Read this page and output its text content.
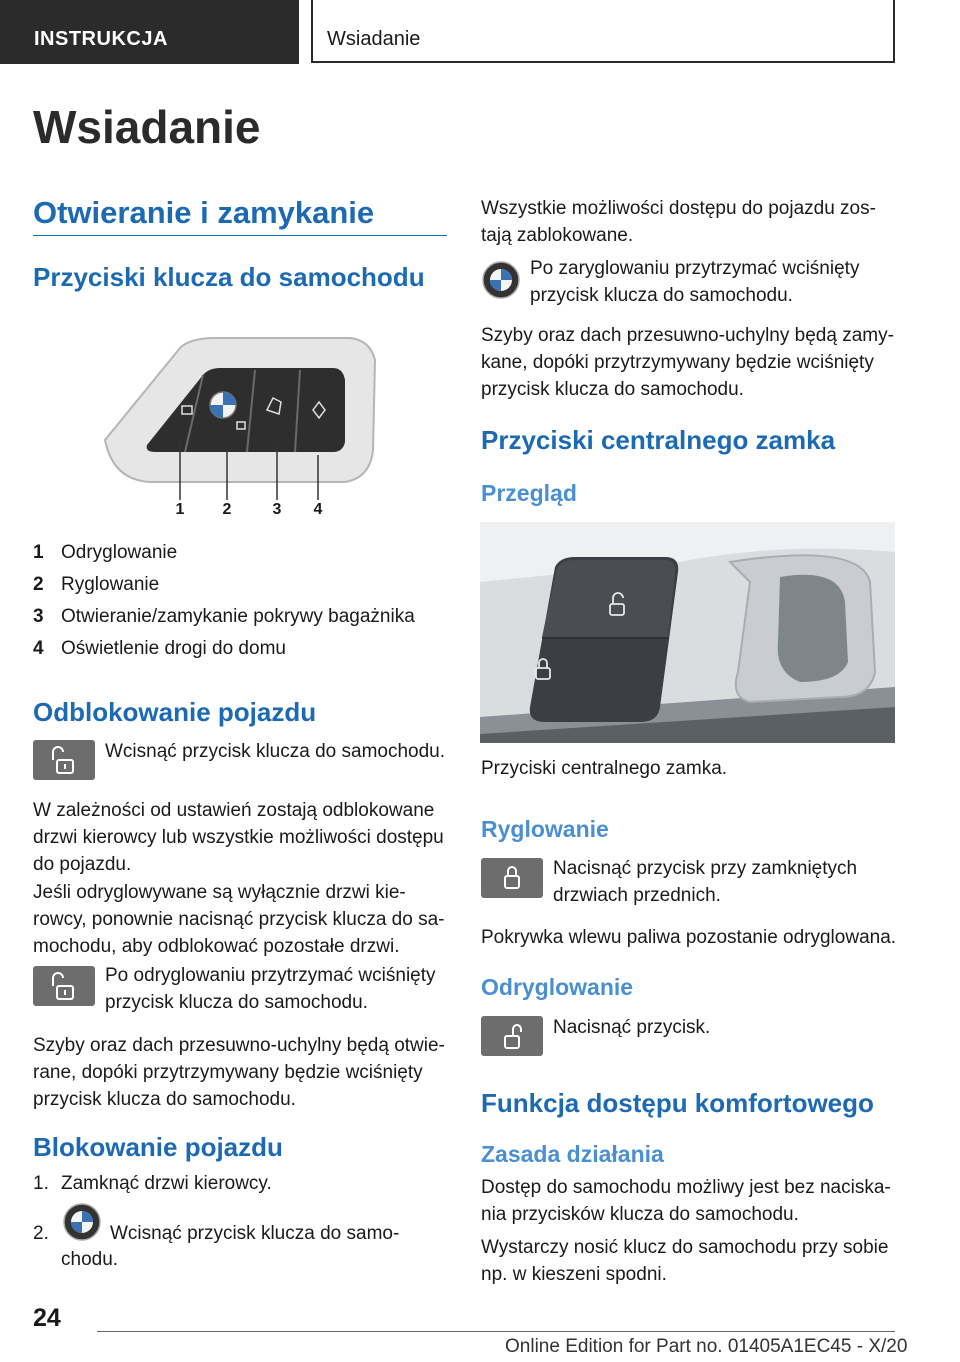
INSTRUKCJA	Wsiadanie
Wsiadanie
Otwieranie i zamykanie
Przyciski klucza do samochodu
1 2	3 4
1 Odryglowanie
2 Ryglowanie
3 Otwieranie/zamykanie pokrywy bagażnika
4 Oświetlenie drogi do domu
Odblokowanie pojazdu

Wcisnąć przycisk klucza do samochodu.

W zależności od ustawień zostają odblokowane
drzwi kierowcy lub wszystkie możliwości dostępu
do pojazdu.

Jeśli odryglowywane są wyłącznie drzwi kie-
rowcy, ponownie nacisnąć przycisk klucza do sa-
mochodu, aby odblokować pozostałe drzwi.

Po odryglowaniu przytrzymać wciśnięty
przycisk klucza do samochodu.

Szyby oraz dach przesuwno-uchylny będą otwie-
rane, dopóki przytrzymywany będzie wciśnięty
przycisk klucza do samochodu.

Blokowanie pojazdu

1. Zamknąć drzwi kierowcy.

2.	Wcisnąć przycisk klucza do samo-

chodu.

Wszystkie możliwości dostępu do pojazdu zos-
tają zablokowane.

Po zaryglowaniu przytrzymać wciśnięty
przycisk klucza do samochodu.

Szyby oraz dach przesuwno-uchylny będą zamy-
kane, dopóki przytrzymywany będzie wciśnięty
przycisk klucza do samochodu.

Przyciski centralnego zamka
Przegląd

Przyciski centralnego zamka.

Ryglowanie

Nacisnąć przycisk przy zamkniętych
drzwiach przednich.

Pokrywka wlewu paliwa pozostanie odryglowana.

Odryglowanie

Nacisnąć przycisk.

Funkcja dostępu komfortowego
Zasada działania

Dostęp do samochodu możliwy jest bez naciska-
nia przycisków klucza do samochodu.

Wystarczy nosić klucz do samochodu przy sobie
np. w kieszeni spodni.

24
Online Edition for Part no. 01405A1EC45 - X/20
